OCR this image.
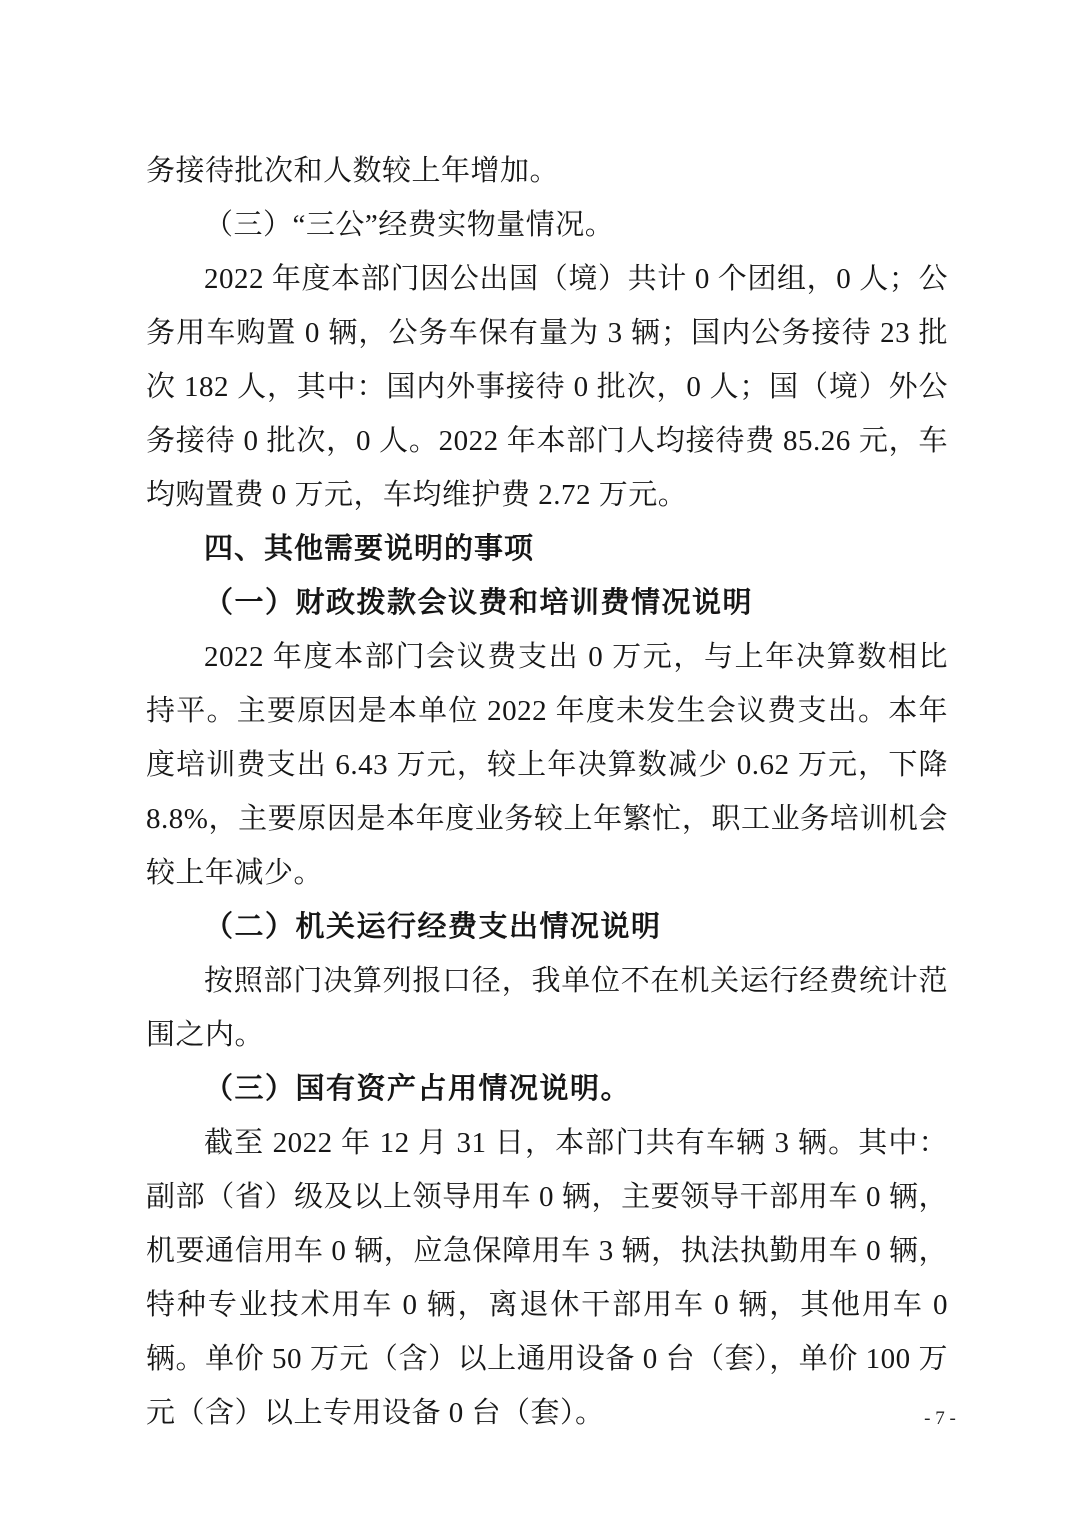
务接待批次和人数较上年增加。

（三）“三公”经费实物量情况。

2022 年度本部门因公出国（境）共计 0 个团组，0 人；公务用车购置 0 辆，公务车保有量为 3 辆；国内公务接待 23 批次 182 人，其中：国内外事接待 0 批次，0 人；国（境）外公务接待 0 批次，0 人。2022 年本部门人均接待费 85.26 元，车均购置费 0 万元，车均维护费 2.72 万元。

四、其他需要说明的事项

（一）财政拨款会议费和培训费情况说明

2022 年度本部门会议费支出 0 万元，与上年决算数相比持平。主要原因是本单位 2022 年度未发生会议费支出。本年度培训费支出 6.43 万元，较上年决算数减少 0.62 万元，下降 8.8%，主要原因是本年度业务较上年繁忙，职工业务培训机会较上年减少。

（二）机关运行经费支出情况说明

按照部门决算列报口径，我单位不在机关运行经费统计范围之内。

（三）国有资产占用情况说明。

截至 2022 年 12 月 31 日，本部门共有车辆 3 辆。其中：副部（省）级及以上领导用车 0 辆，主要领导干部用车 0 辆，机要通信用车 0 辆，应急保障用车 3 辆，执法执勤用车 0 辆，特种专业技术用车 0 辆，离退休干部用车 0 辆，其他用车 0 辆。单价 50 万元（含）以上通用设备 0 台（套），单价 100 万元（含）以上专用设备 0 台（套）。	- 7 -
